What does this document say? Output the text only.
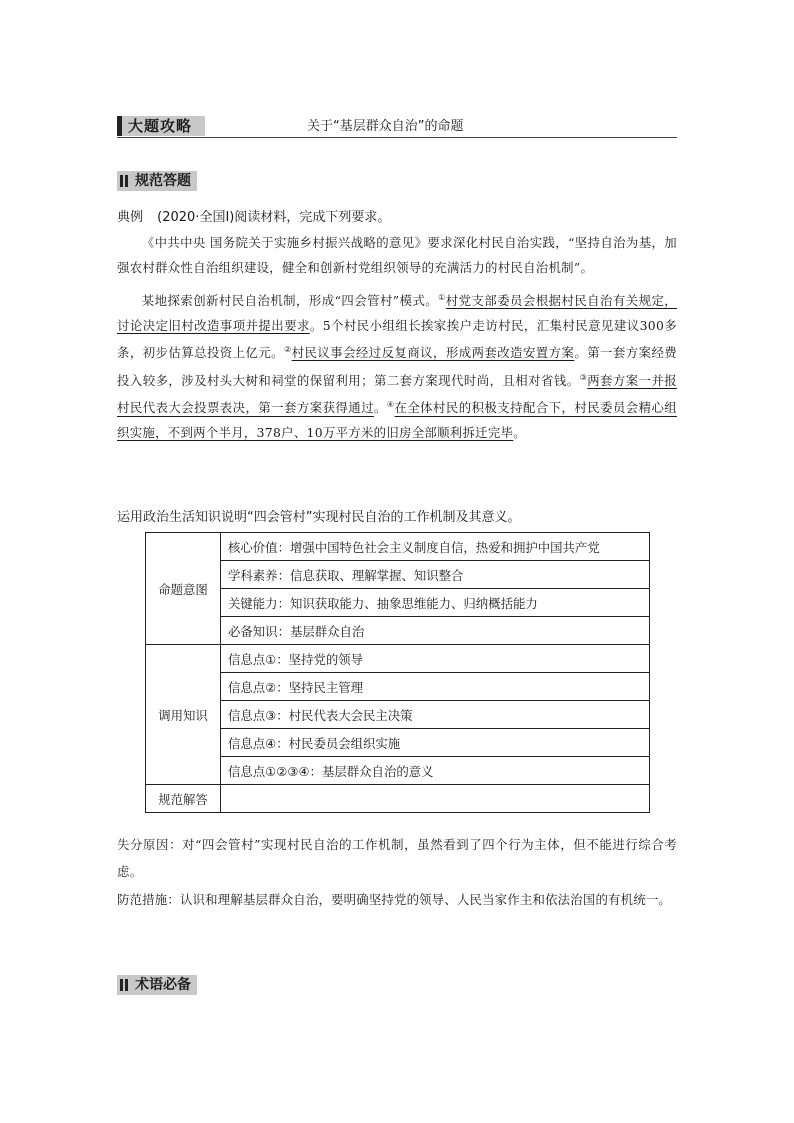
大题攻略	关于“基层群众自治”的命题
规范答题
典例 (2020·全国Ⅰ)阅读材料，完成下列要求。

《中共中央 国务院关于实施乡村振兴战略的意见》要求深化村民自治实践，“坚持自治为基，加强农村群众性自治组织建设，健全和创新村党组织领导的充满活力的村民自治机制”。

某地探索创新村民自治机制，形成“四会管村”模式。①村党支部委员会根据村民自治有关规定，讨论决定旧村改造事项并提出要求。5个村民小组组长挨家挨户走访村民，汇集村民意见建议300多条，初步估算总投资上亿元。②村民议事会经过反复商议，形成两套改造安置方案。第一套方案经费投入较多，涉及村头大树和祠堂的保留利用；第二套方案现代时尚，且相对省钱。③两套方案一并报村民代表大会投票表决，第一套方案获得通过。④在全体村民的积极支持配合下，村民委员会精心组织实施，不到两个半月，378户、10万平方米的旧房全部顺利拆迁完毕。

运用政治生活知识说明“四会管村”实现村民自治的工作机制及其意义。
命题意图	核心价值：增强中国特色社会主义制度自信，热爱和拥护中国共产党
	学科素养：信息获取、理解掌握、知识整合
	关键能力：知识获取能力、抽象思维能力、归纳概括能力
	必备知识：基层群众自治
调用知识	信息点①：坚持党的领导
	信息点②：坚持民主管理
	信息点③：村民代表大会民主决策
	信息点④：村民委员会组织实施
	信息点①②③④：基层群众自治的意义
规范解答	
失分原因：对“四会管村”实现村民自治的工作机制，虽然看到了四个行为主体，但不能进行综合考虑。
防范措施：认识和理解基层群众自治，要明确坚持党的领导、人民当家作主和依法治国的有机统一。
术语必备
